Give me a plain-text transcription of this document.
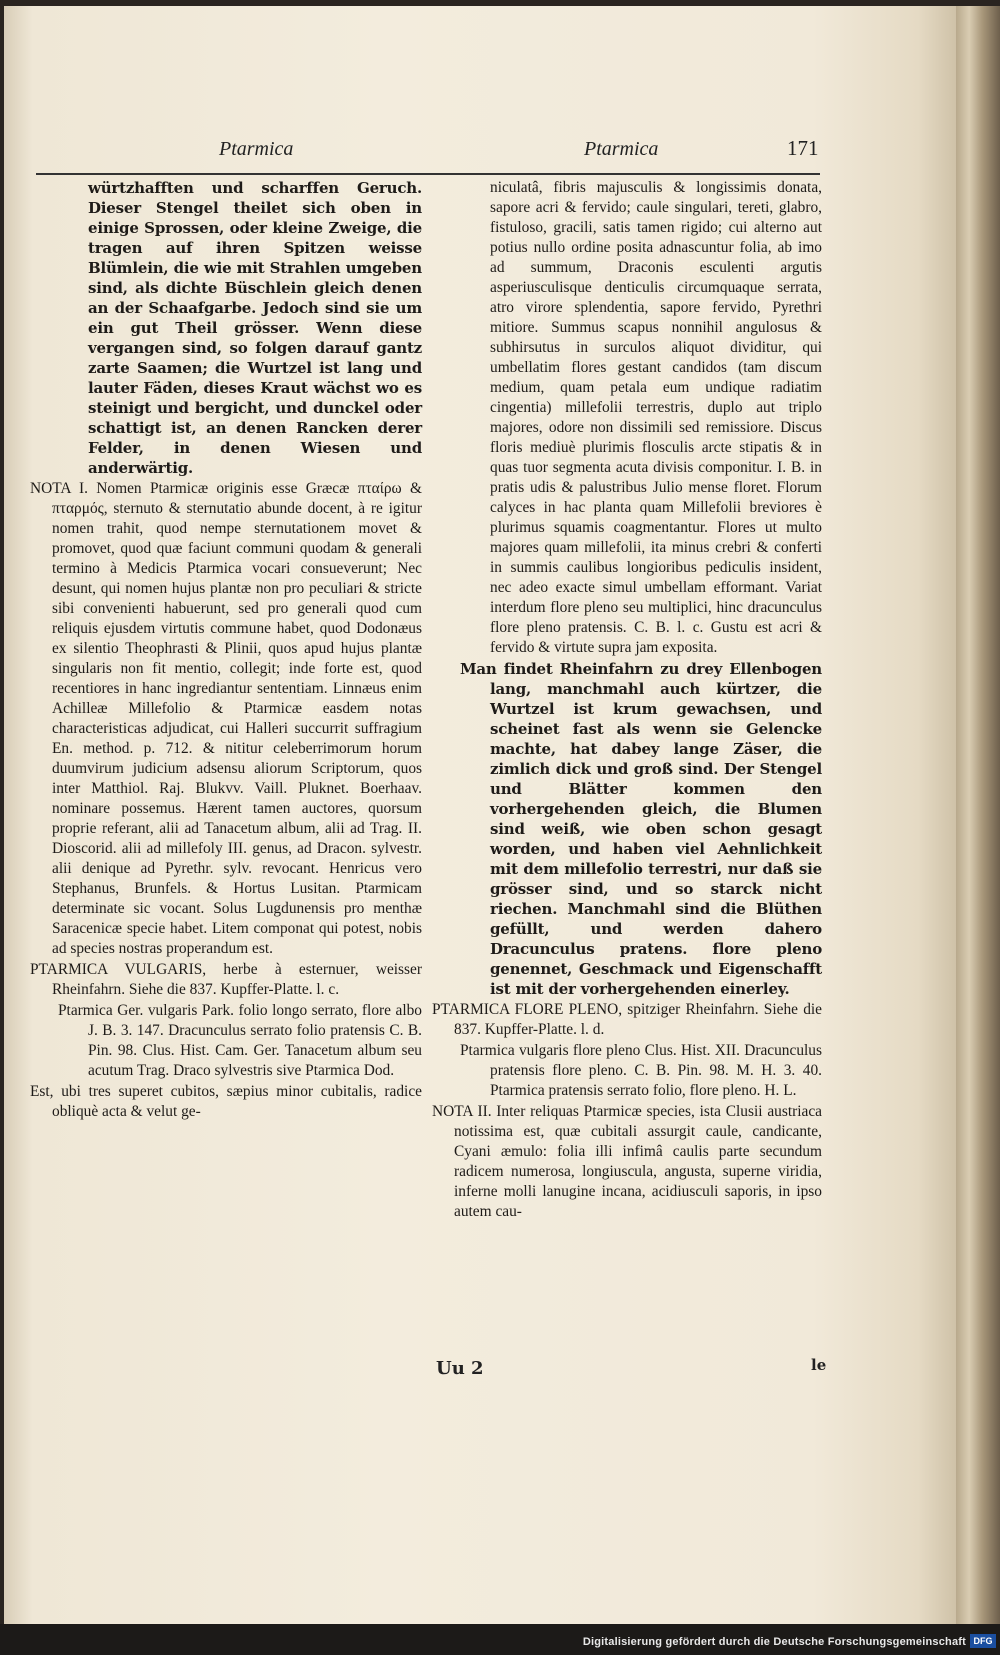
Ptarmica	Ptarmica	171

würtzhafften und scharffen Geruch. Dieser Stengel theilet sich oben in einige Sprossen, oder kleine Zweige, die tragen auf ihren Spitzen weisse Blümlein, die wie mit Strahlen umgeben sind, als dichte Büschlein gleich denen an der Schaafgarbe. Jedoch sind sie um ein gut Theil grösser. Wenn diese vergangen sind, so folgen darauf gantz zarte Saamen; die Wurtzel ist lang und lauter Fäden, dieses Kraut wächst wo es steinigt und bergicht, und dunckel oder schattigt ist, an denen Rancken derer Felder, in denen Wiesen und anderwärtig.

NOTA I. Nomen Ptarmicæ originis esse Græcæ πταίρω & πταρμός, sternuto & sternutatio abunde docent, à re igitur nomen trahit, quod nempe sternutationem movet & promovet, quod quæ faciunt communi quodam & generali termino à Medicis Ptarmica vocari consueverunt; Nec desunt, qui nomen hujus plantæ non pro peculiari & stricte sibi convenienti habuerunt, sed pro generali quod cum reliquis ejusdem virtutis commune habet, quod Dodonæus ex silentio Theophrasti & Plinii, quos apud hujus plantæ singularis non fit mentio, collegit; inde forte est, quod recentiores in hanc ingrediantur sententiam. Linnæus enim Achilleæ Millefolio & Ptarmicæ easdem notas characteristicas adjudicat, cui Halleri succurrit suffragium En. method. p. 712. & nititur celeberrimorum horum duumvirum judicium adsensu aliorum Scriptorum, quos inter Matthiol. Raj. Blukvv. Vaill. Pluknet. Boerhaav. nominare possemus. Hærent tamen auctores, quorsum proprie referant, alii ad Tanacetum album, alii ad Trag. II. Dioscorid. alii ad millefoly III. genus, ad Dracon. sylvestr. alii denique ad Pyrethr. sylv. revocant. Henricus vero Stephanus, Brunfels. & Hortus Lusitan. Ptarmicam determinate sic vocant. Solus Lugdunensis pro menthæ Saracenicæ specie habet. Litem componat qui potest, nobis ad species nostras properandum est.

PTARMICA VULGARIS, herbe à esternuer, weisser Rheinfahrn. Siehe die 837. Kupffer-Platte. l. c.

Ptarmica Ger. vulgaris Park. folio longo serrato, flore albo J. B. 3. 147. Dracunculus serrato folio pratensis C. B. Pin. 98. Clus. Hist. Cam. Ger. Tanacetum album seu acutum Trag. Draco sylvestris sive Ptarmica Dod.

Est, ubi tres superet cubitos, sæpius minor cubitalis, radice obliquè acta & velut ge-

niculatâ, fibris majusculis & longissimis donata, sapore acri & fervido; caule singulari, tereti, glabro, fistuloso, gracili, satis tamen rigido; cui alterno aut potius nullo ordine posita adnascuntur folia, ab imo ad summum, Draconis esculenti argutis asperiusculisque denticulis circumquaque serrata, atro virore splendentia, sapore fervido, Pyrethri mitiore. Summus scapus nonnihil angulosus & subhirsutus in surculos aliquot dividitur, qui umbellatim flores gestant candidos (tam discum medium, quam petala eum undique radiatim cingentia) millefolii terrestris, duplo aut triplo majores, odore non dissimili sed remissiore. Discus floris mediuè plurimis flosculis arcte stipatis & in quas tuor segmenta acuta divisis componitur. I. B. in pratis udis & palustribus Julio mense floret. Florum calyces in hac planta quam Millefolii breviores è plurimus squamis coagmentantur. Flores ut multo majores quam millefolii, ita minus crebri & conferti in summis caulibus longioribus pediculis insident, nec adeo exacte simul umbellam efformant. Variat interdum flore pleno seu multiplici, hinc dracunculus flore pleno pratensis. C. B. l. c. Gustu est acri & fervido & virtute supra jam exposita.

Man findet Rheinfahrn zu drey Ellenbogen lang, manchmahl auch kürtzer, die Wurtzel ist krum gewachsen, und scheinet fast als wenn sie Gelencke machte, hat dabey lange Zäser, die zimlich dick und groß sind. Der Stengel und Blätter kommen den vorhergehenden gleich, die Blumen sind weiß, wie oben schon gesagt worden, und haben viel Aehnlichkeit mit dem millefolio terrestri, nur daß sie grösser sind, und so starck nicht riechen. Manchmahl sind die Blüthen gefüllt, und werden dahero Dracunculus pratens. flore pleno genennet, Geschmack und Eigenschafft ist mit der vorhergehenden einerley.

PTARMICA FLORE PLENO, spitziger Rheinfahrn. Siehe die 837. Kupffer-Platte. l. d.

Ptarmica vulgaris flore pleno Clus. Hist. XII. Dracunculus pratensis flore pleno. C. B. Pin. 98. M. H. 3. 40. Ptarmica pratensis serrato folio, flore pleno. H. L.

NOTA II. Inter reliquas Ptarmicæ species, ista Clusii austriaca notissima est, quæ cubitali assurgit caule, candicante, Cyani æmulo: folia illi infimâ caulis parte secundum radicem numerosa, longiuscula, angusta, superne viridia, inferne molli lanugine incana, acidiusculi saporis, in ipso autem cau-

Uu 2	le
Digitalisierung gefördert durch die Deutsche Forschungsgemeinschaft DFG
